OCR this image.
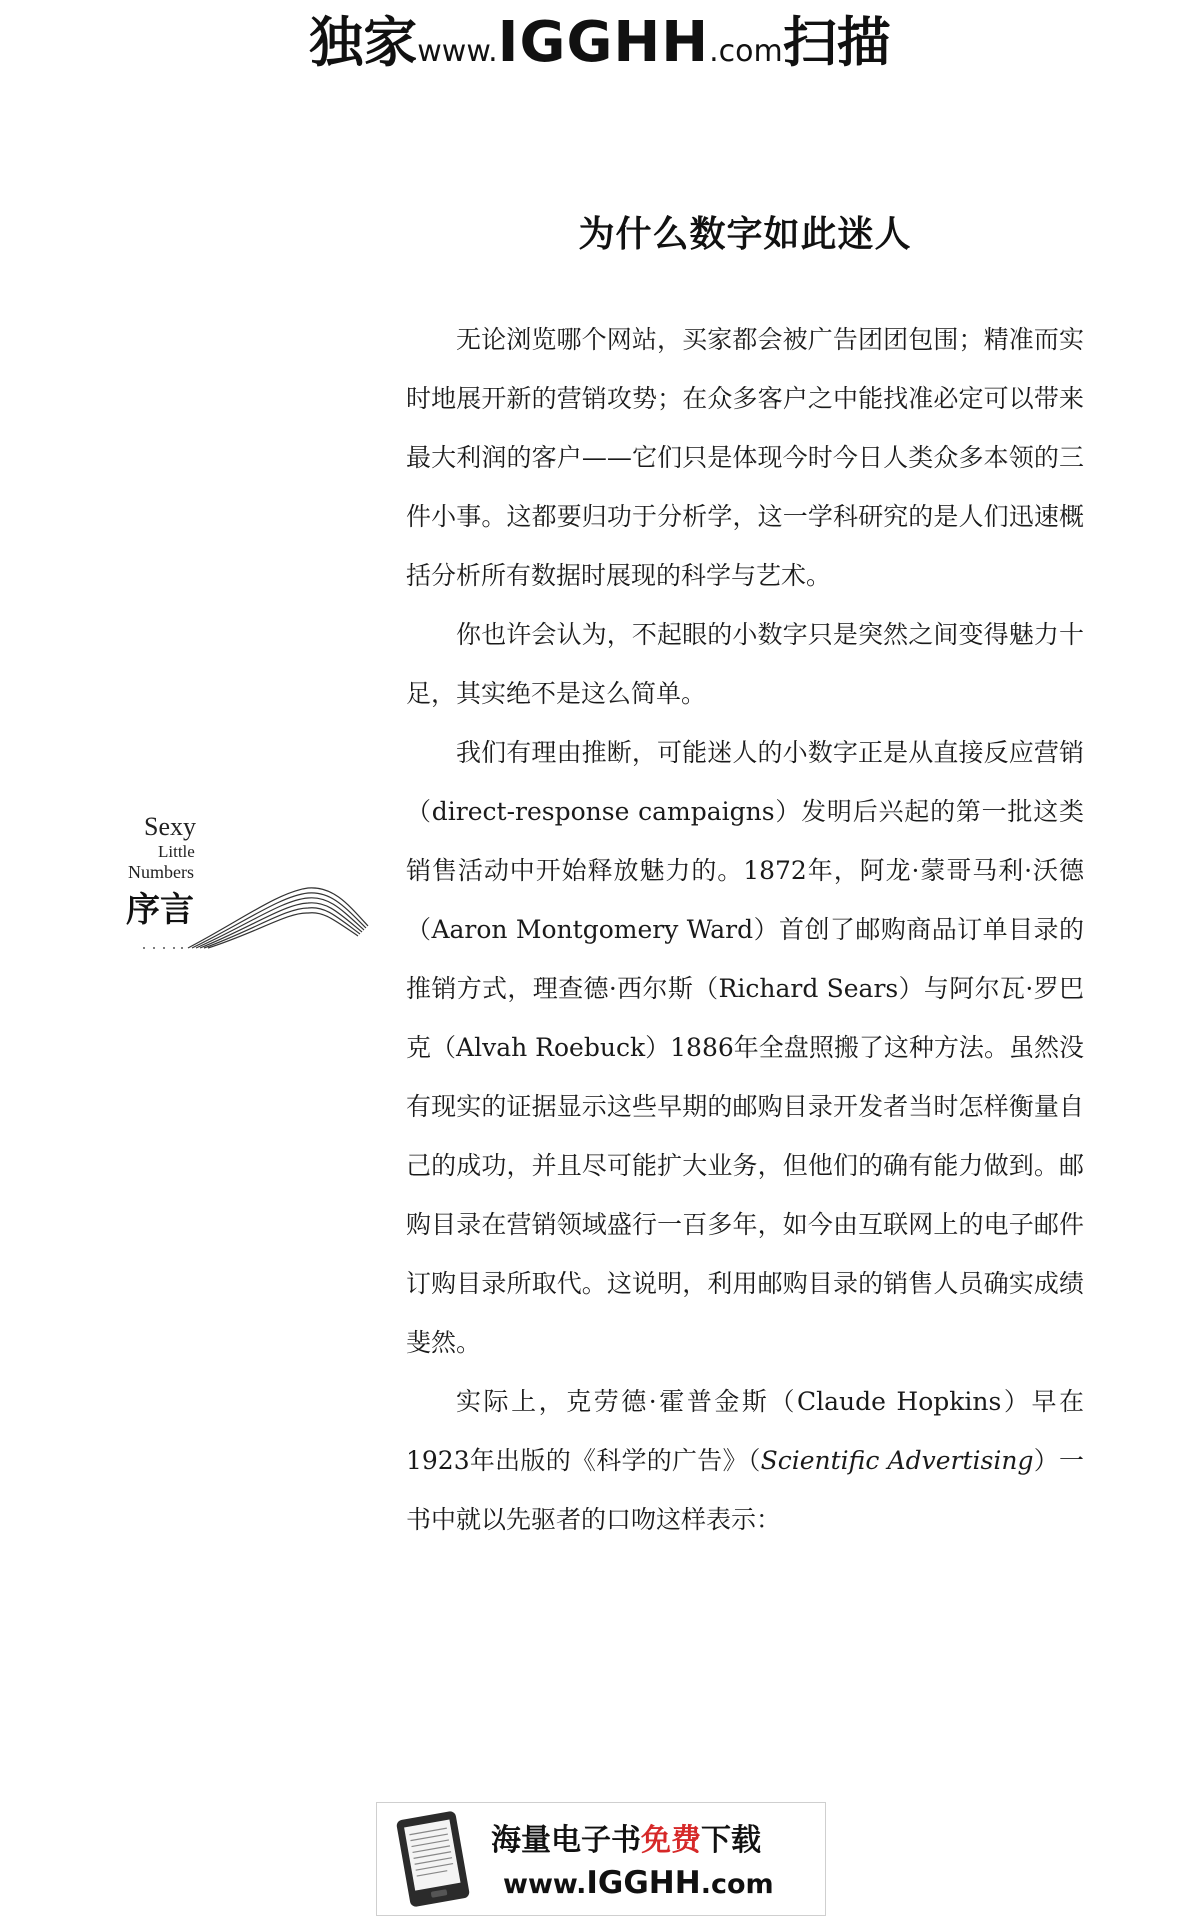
独家www.IGGHH.com扫描
为什么数字如此迷人

无论浏览哪个网站，买家都会被广告团团包围；精准而实时地展开新的营销攻势；在众多客户之中能找准必定可以带来最大利润的客户——它们只是体现今时今日人类众多本领的三件小事。这都要归功于分析学，这一学科研究的是人们迅速概括分析所有数据时展现的科学与艺术。

你也许会认为，不起眼的小数字只是突然之间变得魅力十足，其实绝不是这么简单。

我们有理由推断，可能迷人的小数字正是从直接反应营销（direct-response campaigns）发明后兴起的第一批这类销售活动中开始释放魅力的。1872年，阿龙·蒙哥马利·沃德（Aaron Montgomery Ward）首创了邮购商品订单目录的推销方式，理查德·西尔斯（Richard Sears）与阿尔瓦·罗巴克（Alvah Roebuck）1886年全盘照搬了这种方法。虽然没有现实的证据显示这些早期的邮购目录开发者当时怎样衡量自己的成功，并且尽可能扩大业务，但他们的确有能力做到。邮购目录在营销领域盛行一百多年，如今由互联网上的电子邮件订购目录所取代。这说明，利用邮购目录的销售人员确实成绩斐然。

实际上，克劳德·霍普金斯（Claude Hopkins）早在1923年出版的《科学的广告》（Scientific Advertising）一书中就以先驱者的口吻这样表示：

Sexy
Little
Numbers
序言
海量电子书免费下载
www.IGGHH.com
